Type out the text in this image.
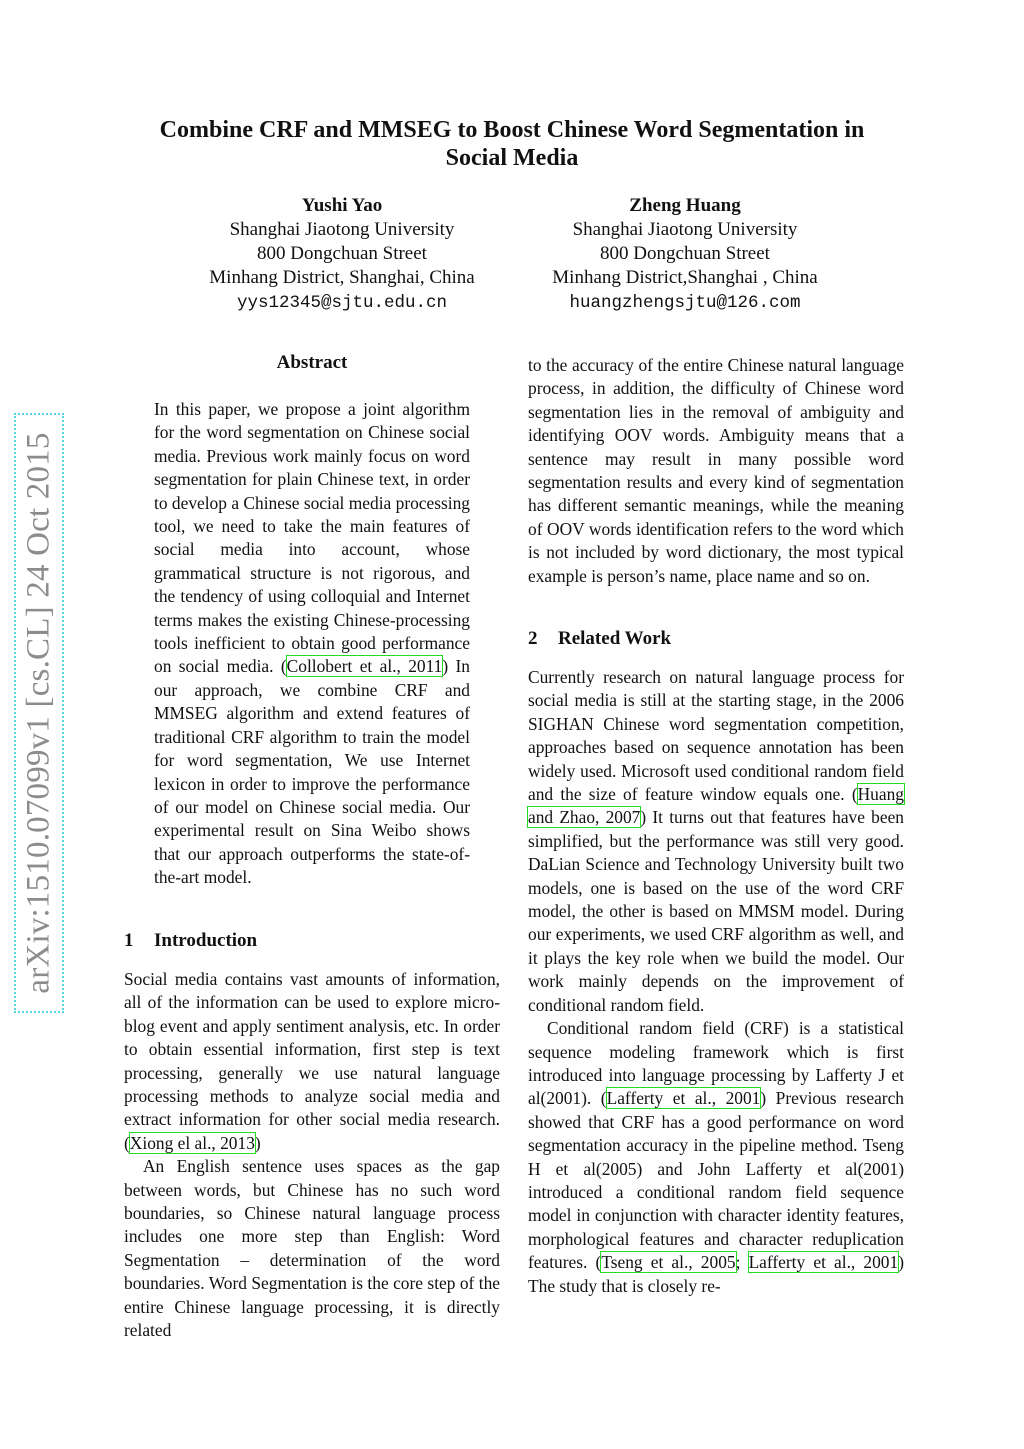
arXiv:1510.07099v1 [cs.CL] 24 Oct 2015
Combine CRF and MMSEG to Boost Chinese Word Segmentation in Social Media
Yushi Yao
Shanghai Jiaotong University
800 Dongchuan Street
Minhang District, Shanghai, China
yys12345@sjtu.edu.cn
Zheng Huang
Shanghai Jiaotong University
800 Dongchuan Street
Minhang District,Shanghai , China
huangzhengsjtu@126.com
Abstract

In this paper, we propose a joint algorithm for the word segmentation on Chinese social media. Previous work mainly focus on word segmentation for plain Chinese text, in order to develop a Chinese social media processing tool, we need to take the main features of social media into account, whose grammatical structure is not rigorous, and the tendency of using colloquial and Internet terms makes the existing Chinese-processing tools inefficient to obtain good performance on social media. (Collobert et al., 2011) In our approach, we combine CRF and MMSEG algorithm and extend features of traditional CRF algorithm to train the model for word segmentation, We use Internet lexicon in order to improve the performance of our model on Chinese social media. Our experimental result on Sina Weibo shows that our approach outperforms the state-of-the-art model.

1 Introduction

Social media contains vast amounts of information, all of the information can be used to explore micro-blog event and apply sentiment analysis, etc. In order to obtain essential information, first step is text processing, generally we use natural language processing methods to analyze social media and extract information for other social media research. (Xiong el al., 2013)

An English sentence uses spaces as the gap between words, but Chinese has no such word boundaries, so Chinese natural language process includes one more step than English: Word Segmentation – determination of the word boundaries. Word Segmentation is the core step of the entire Chinese language processing, it is directly related

to the accuracy of the entire Chinese natural language process, in addition, the difficulty of Chinese word segmentation lies in the removal of ambiguity and identifying OOV words. Ambiguity means that a sentence may result in many possible word segmentation results and every kind of segmentation has different semantic meanings, while the meaning of OOV words identification refers to the word which is not included by word dictionary, the most typical example is person’s name, place name and so on.

2 Related Work

Currently research on natural language process for social media is still at the starting stage, in the 2006 SIGHAN Chinese word segmentation competition, approaches based on sequence annotation has been widely used. Microsoft used conditional random field and the size of feature window equals one. (Huang and Zhao, 2007) It turns out that features have been simplified, but the performance was still very good. DaLian Science and Technology University built two models, one is based on the use of the word CRF model, the other is based on MMSM model. During our experiments, we used CRF algorithm as well, and it plays the key role when we build the model. Our work mainly depends on the improvement of conditional random field.

Conditional random field (CRF) is a statistical sequence modeling framework which is first introduced into language processing by Lafferty J et al(2001). (Lafferty et al., 2001) Previous research showed that CRF has a good performance on word segmentation accuracy in the pipeline method. Tseng H et al(2005) and John Lafferty et al(2001) introduced a conditional random field sequence model in conjunction with character identity features, morphological features and character reduplication features. (Tseng et al., 2005; Lafferty et al., 2001) The study that is closely re-
